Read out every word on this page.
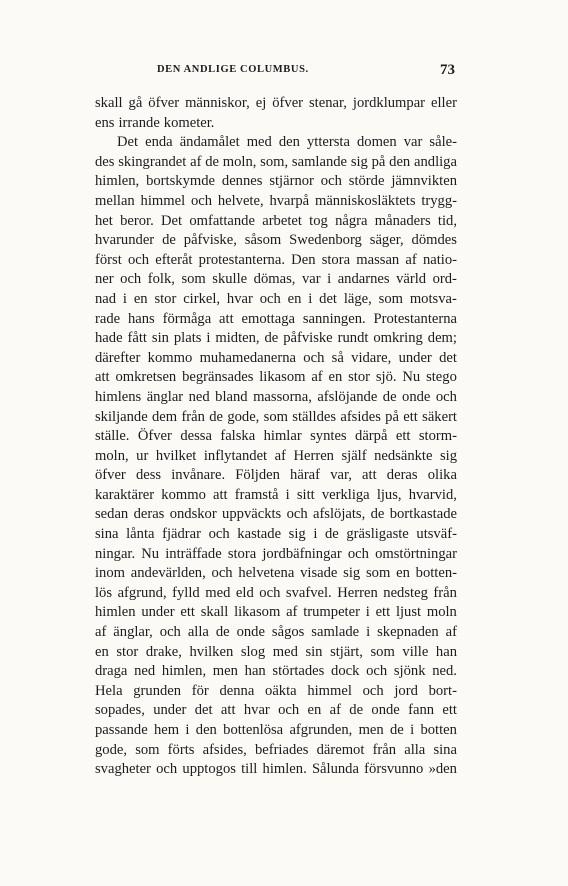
DEN ANDLIGE COLUMBUS.	73
skall gå öfver människor, ej öfver stenar, jordklumpar eller
ens irrande kometer.
Det enda ändamålet med den yttersta domen var såle-
des skingrandet af de moln, som, samlande sig på den andliga
himlen, bortskymde dennes stjärnor och störde jämnvikten
mellan himmel och helvete, hvarpå människosläktets trygg-
het beror. Det omfattande arbetet tog några månaders tid,
hvarunder de påfviske, såsom Swedenborg säger, dömdes
först och efteråt protestanterna. Den stora massan af natio-
ner och folk, som skulle dömas, var i andarnes värld ord-
nad i en stor cirkel, hvar och en i det läge, som motsva-
rade hans förmåga att emottaga sanningen. Protestanterna
hade fått sin plats i midten, de påfviske rundt omkring dem;
därefter kommo muhamedanerna och så vidare, under det
att omkretsen begränsades likasom af en stor sjö. Nu stego
himlens änglar ned bland massorna, afslöjande de onde och
skiljande dem från de gode, som ställdes afsides på ett säkert
ställe. Öfver dessa falska himlar syntes därpå ett storm-
moln, ur hvilket inflytandet af Herren själf nedsänkte sig
öfver dess invånare. Följden häraf var, att deras olika
karaktärer kommo att framstå i sitt verkliga ljus, hvarvid,
sedan deras ondskor uppväckts och afslöjats, de bortkastade
sina lånta fjädrar och kastade sig i de gräsligaste utsväf-
ningar. Nu inträffade stora jordbäfningar och omstörtningar
inom andevärlden, och helvetena visade sig som en botten-
lös afgrund, fylld med eld och svafvel. Herren nedsteg från
himlen under ett skall likasom af trumpeter i ett ljust moln
af änglar, och alla de onde sågos samlade i skepnaden af
en stor drake, hvilken slog med sin stjärt, som ville han
draga ned himlen, men han störtades dock och sjönk ned.
Hela grunden för denna oäkta himmel och jord bort-
sopades, under det att hvar och en af de onde fann ett
passande hem i den bottenlösa afgrunden, men de i botten
gode, som förts afsides, befriades däremot från alla sina
svagheter och upptogos till himlen. Sålunda försvunno »den
